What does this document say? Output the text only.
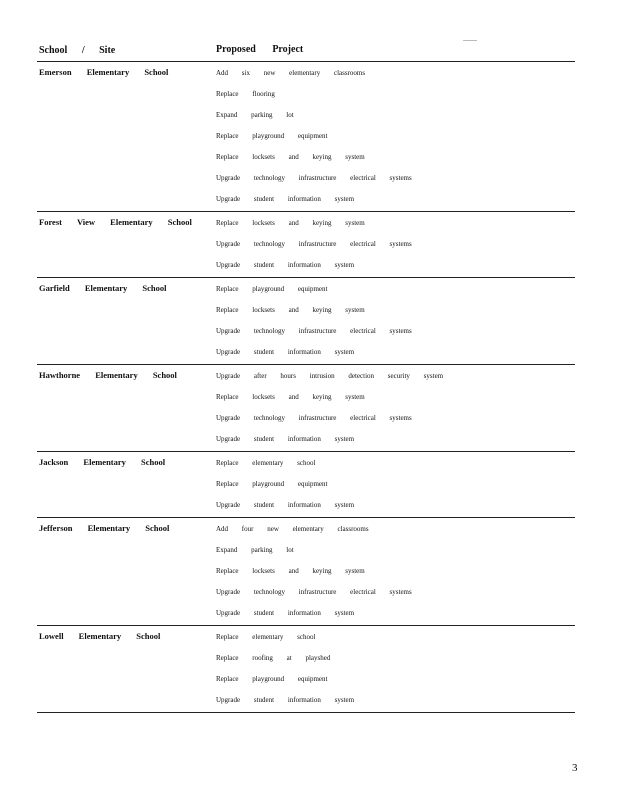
School / Site	Proposed Project
Emerson Elementary School	Add six new elementary classrooms
Replace flooring
Expand parking lot
Replace playground equipment
Replace locksets and keying system
Upgrade technology infrastructure electrical systems
Upgrade student information system
Forest View Elementary School	Replace locksets and keying system
Upgrade technology infrastructure electrical systems
Upgrade student information system
Garfield Elementary School	Replace playground equipment
Replace locksets and keying system
Upgrade technology infrastructure electrical systems
Upgrade student information system
Hawthorne Elementary School	Upgrade after hours intrusion detection security system
Replace locksets and keying system
Upgrade technology infrastructure electrical systems
Upgrade student information system
Jackson Elementary School	Replace elementary school
Replace playground equipment
Upgrade student information system
Jefferson Elementary School	Add four new elementary classrooms
Expand parking lot
Replace locksets and keying system
Upgrade technology infrastructure electrical systems
Upgrade student information system
Lowell Elementary School	Replace elementary school
Replace roofing at playshed
Replace playground equipment
Upgrade student information system
3
